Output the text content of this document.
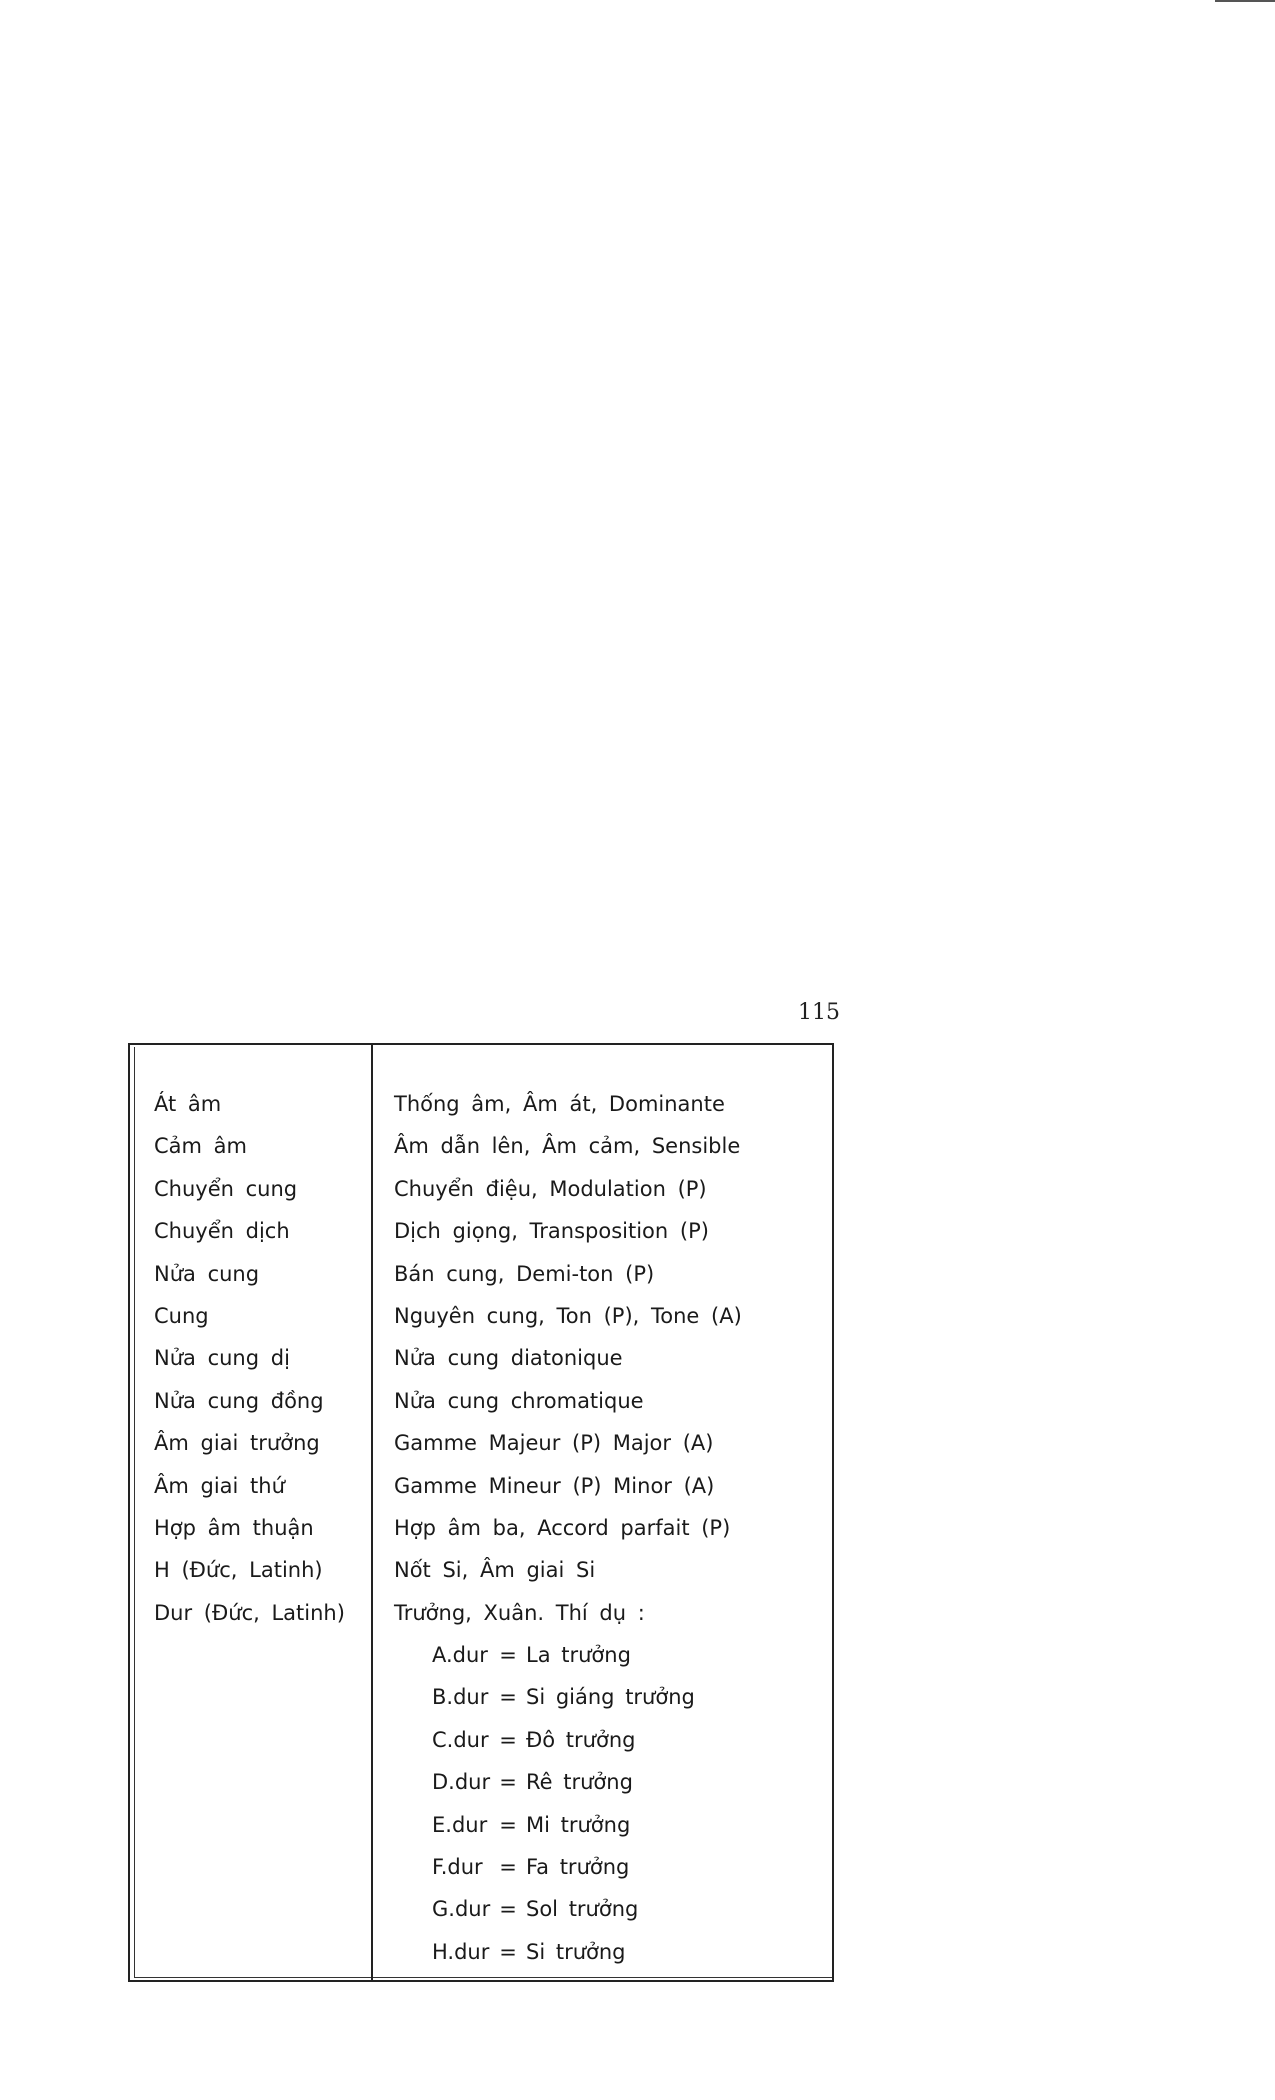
115
Át âm
Cảm âm
Chuyển cung
Chuyển dịch
Nửa cung
Cung
Nửa cung dị
Nửa cung đồng
Âm giai trưởng
Âm giai thứ
Hợp âm thuận
H (Đức, Latinh)
Dur (Đức, Latinh)
Thống âm, Âm át, Dominante
Âm dẫn lên, Âm cảm, Sensible
Chuyển điệu, Modulation (P)
Dịch giọng, Transposition (P)
Bán cung, Demi-ton (P)
Nguyên cung, Ton (P), Tone (A)
Nửa cung diatonique
Nửa cung chromatique
Gamme Majeur (P) Major (A)
Gamme Mineur (P) Minor (A)
Hợp âm ba, Accord parfait (P)
Nốt Si, Âm giai Si
Trưởng, Xuân. Thí dụ :
A.dur = La trưởng
B.dur = Si giáng trưởng
C.dur = Đô trưởng
D.dur = Rê trưởng
E.dur = Mi trưởng
F.dur = Fa trưởng
G.dur = Sol trưởng
H.dur = Si trưởng
